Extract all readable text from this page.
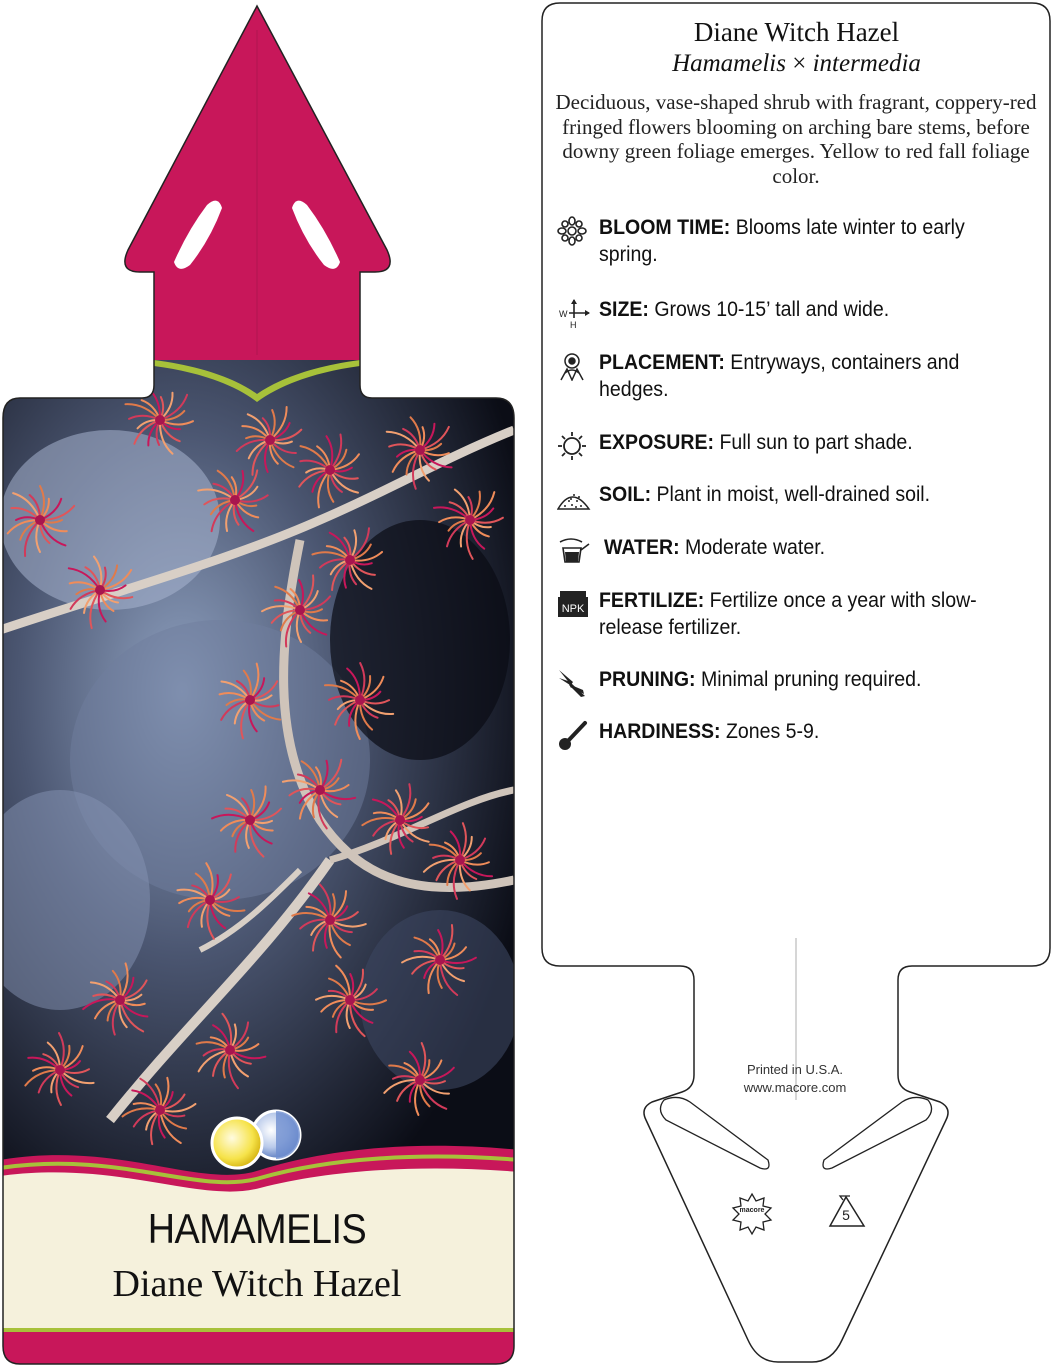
HAMAMELIS
Diane Witch Hazel
Diane Witch Hazel
Hamamelis × intermedia
Deciduous, vase-shaped shrub with fragrant, coppery-red fringed flowers blooming on arching bare stems, before downy green foliage emerges. Yellow to red fall foliage color.
BLOOM TIME: Blooms late winter to early spring.
W
H
SIZE: Grows 10-15’ tall and wide.
PLACEMENT: Entryways, containers and hedges.
EXPOSURE: Full sun to part shade.
SOIL: Plant in moist, well-drained soil.
WATER: Moderate water.
NPK FERTILIZE: Fertilize once a year with slow-release fertilizer.
PRUNING: Minimal pruning required.
HARDINESS: Zones 5-9.
Printed in U.S.A.
www.macore.com
macore	5
